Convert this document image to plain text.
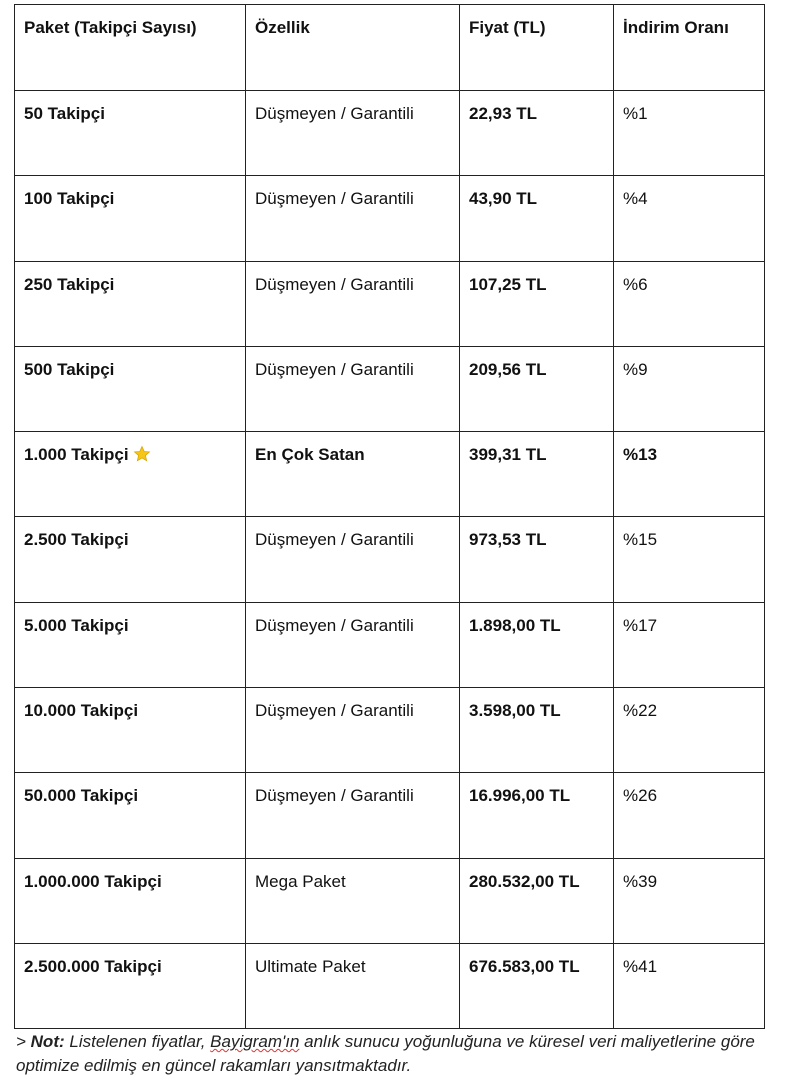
Paket (Takipçi Sayısı)	Özellik	Fiyat (TL)	İndirim Oranı
50 Takipçi	Düşmeyen / Garantili	22,93 TL	%1
100 Takipçi	Düşmeyen / Garantili	43,90 TL	%4
250 Takipçi	Düşmeyen / Garantili	107,25 TL	%6
500 Takipçi	Düşmeyen / Garantili	209,56 TL	%9
1.000 Takipçi	En Çok Satan	399,31 TL	%13
2.500 Takipçi	Düşmeyen / Garantili	973,53 TL	%15
5.000 Takipçi	Düşmeyen / Garantili	1.898,00 TL	%17
10.000 Takipçi	Düşmeyen / Garantili	3.598,00 TL	%22
50.000 Takipçi	Düşmeyen / Garantili	16.996,00 TL	%26
1.000.000 Takipçi	Mega Paket	280.532,00 TL	%39
2.500.000 Takipçi	Ultimate Paket	676.583,00 TL	%41
> Not: Listelenen fiyatlar, Bayigram'ın anlık sunucu yoğunluğuna ve küresel veri maliyetlerine göre optimize edilmiş en güncel rakamları yansıtmaktadır.
